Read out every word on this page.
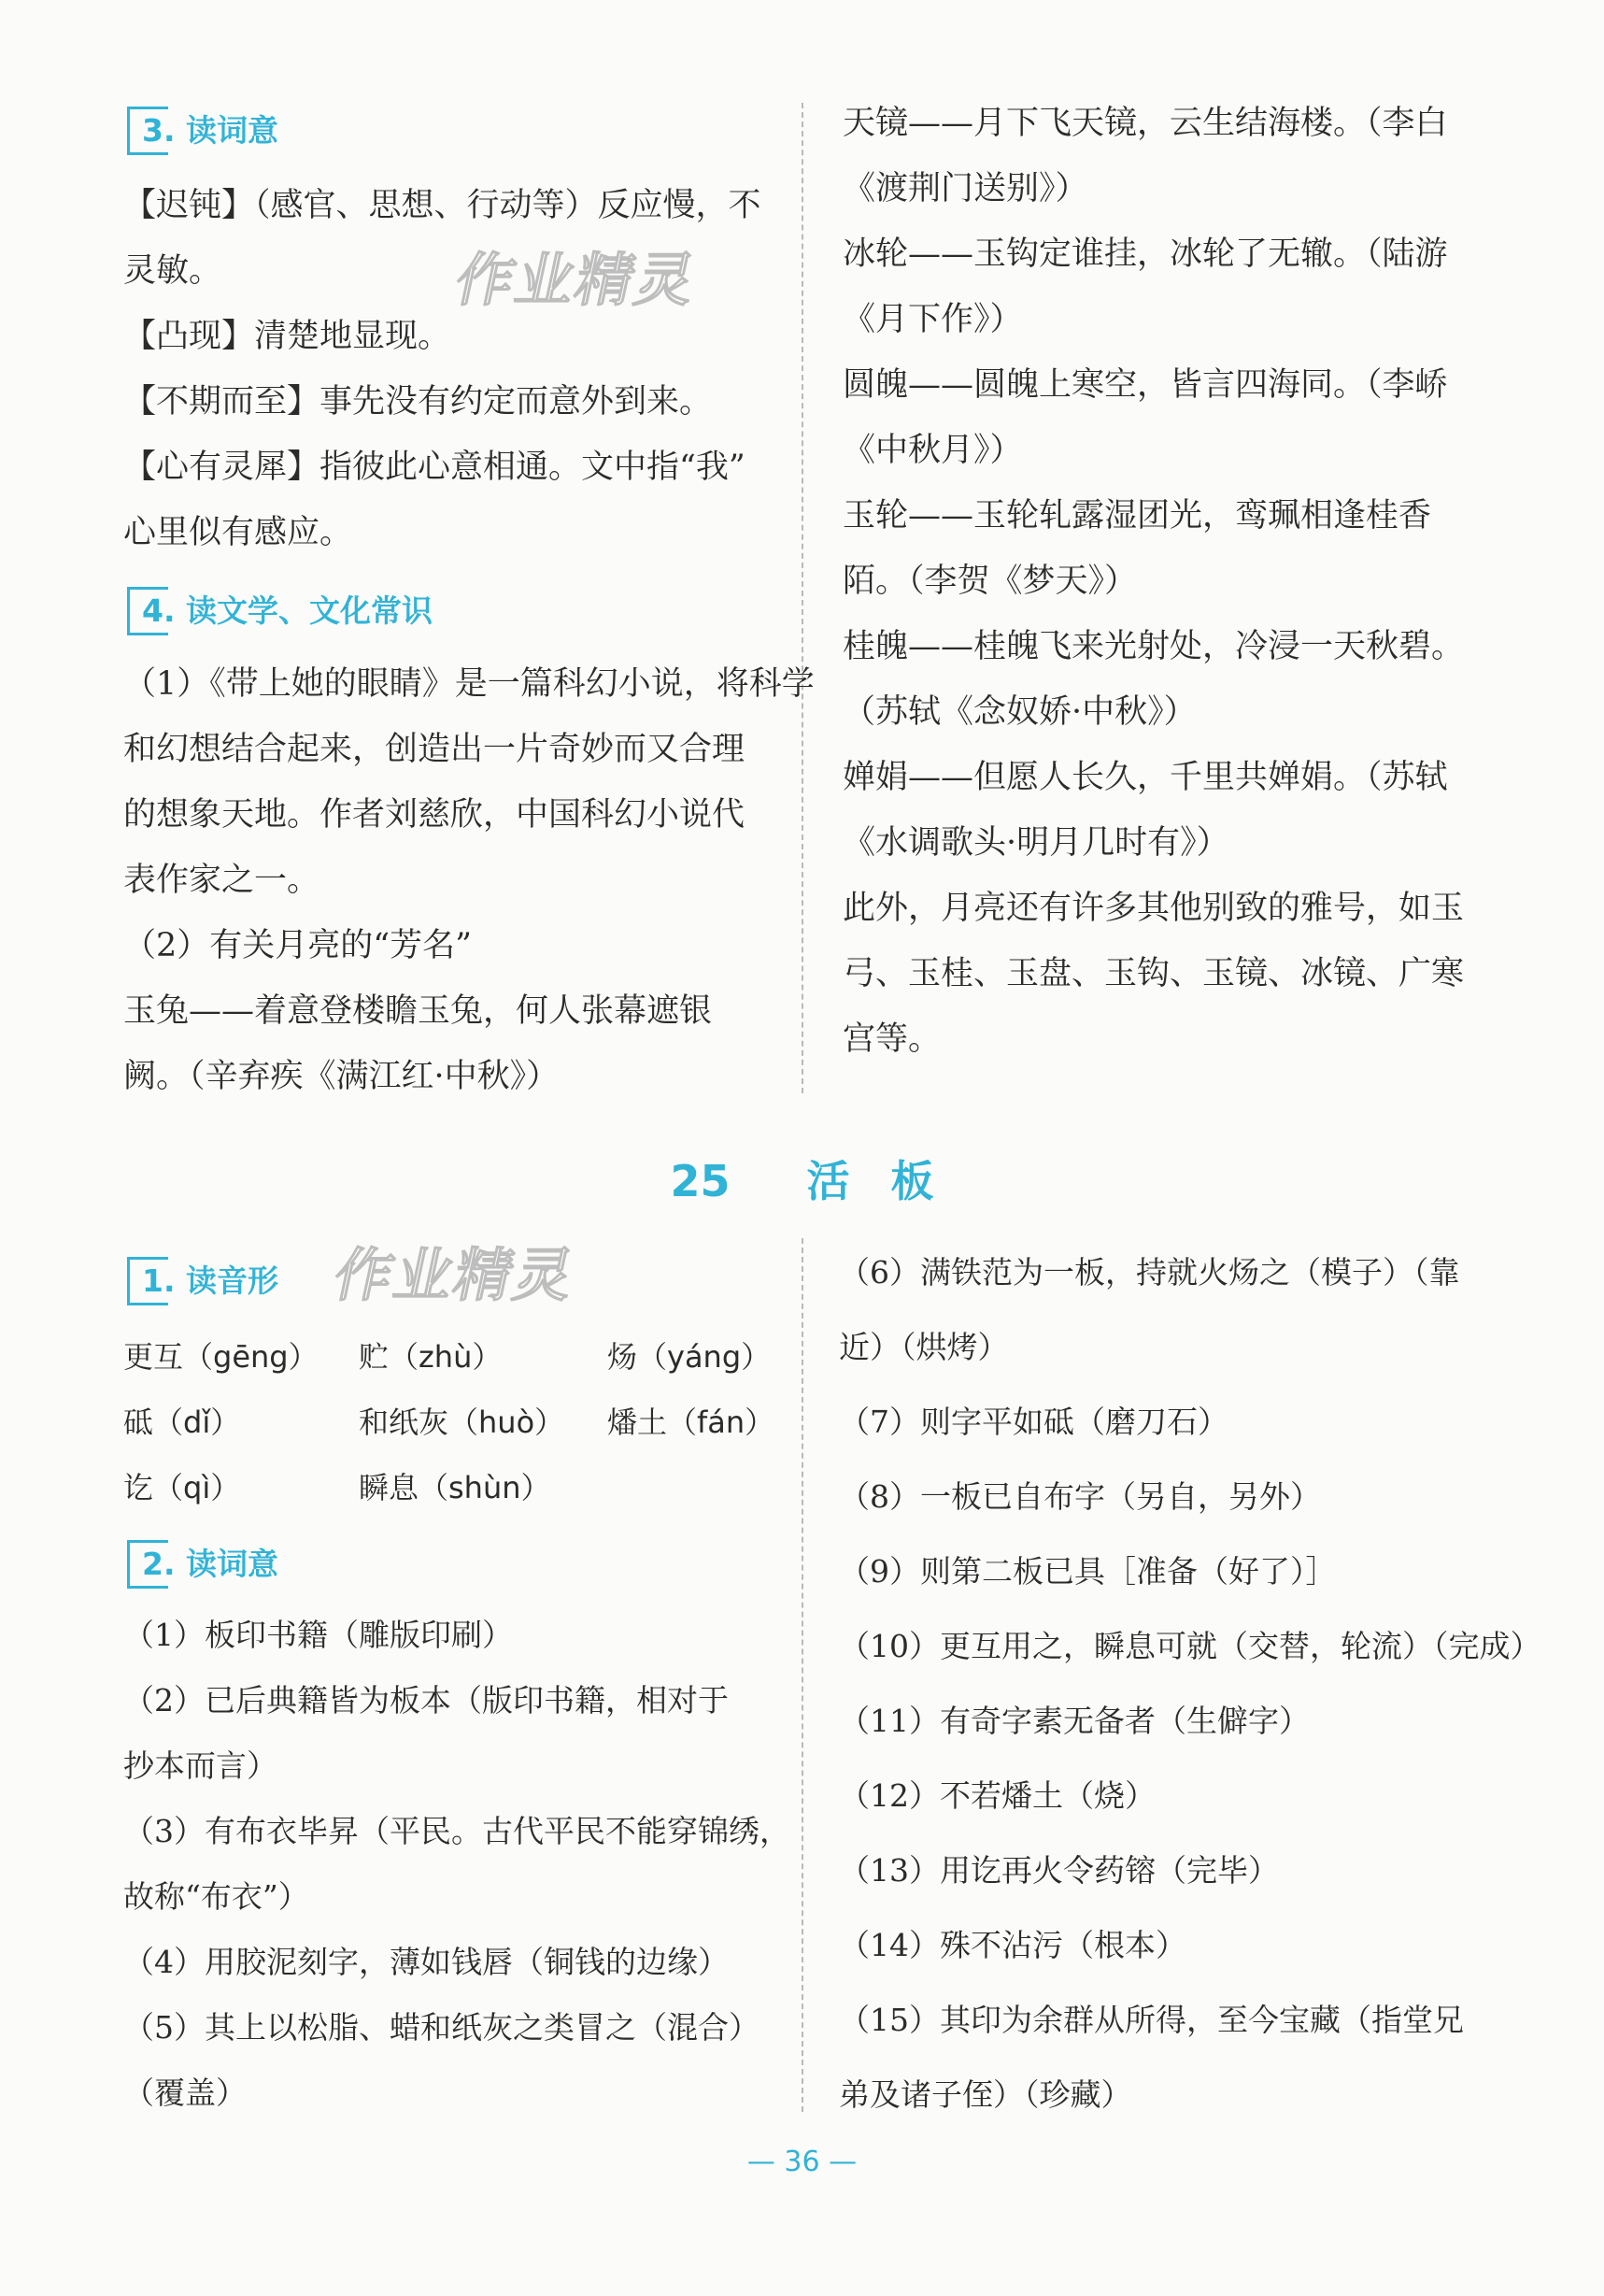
作业精灵
作业精灵
3. 读词意
【迟钝】（感官、思想、行动等）反应慢，不
灵敏。
【凸现】清楚地显现。
【不期而至】事先没有约定而意外到来。
【心有灵犀】指彼此心意相通。文中指“我”
心里似有感应。
4. 读文学、文化常识
（1）《带上她的眼睛》是一篇科幻小说，将科学
和幻想结合起来，创造出一片奇妙而又合理
的想象天地。作者刘慈欣，中国科幻小说代
表作家之一。
（2）有关月亮的“芳名”
玉兔——着意登楼瞻玉兔，何人张幕遮银
阙。（辛弃疾《满江红·中秋》）
天镜——月下飞天镜，云生结海楼。（李白
《渡荆门送别》）
冰轮——玉钩定谁挂，冰轮了无辙。（陆游
《月下作》）
圆魄——圆魄上寒空，皆言四海同。（李峤
《中秋月》）
玉轮——玉轮轧露湿团光，鸾珮相逢桂香
陌。（李贺《梦天》）
桂魄——桂魄飞来光射处，冷浸一天秋碧。
（苏轼《念奴娇·中秋》）
婵娟——但愿人长久，千里共婵娟。（苏轼
《水调歌头·明月几时有》）
此外，月亮还有许多其他别致的雅号，如玉
弓、玉桂、玉盘、玉钩、玉镜、冰镜、广寒
宫等。
25 活 板
1. 读音形
更互（gēng） 贮（zhù）	炀（yáng）
砥（dǐ）	和纸灰（huò） 燔土（fán）
讫（qì）	瞬息（shùn）
2. 读词意
（1）板印书籍（雕版印刷）
（2）已后典籍皆为板本（版印书籍，相对于
抄本而言）
（3）有布衣毕昇（平民。古代平民不能穿锦绣，
故称“布衣”）
（4）用胶泥刻字，薄如钱唇（铜钱的边缘）
（5）其上以松脂、蜡和纸灰之类冒之（混合）
（覆盖）
（6）满铁范为一板，持就火炀之（模子）（靠
近）（烘烤）
（7）则字平如砥（磨刀石）
（8）一板已自布字（另自，另外）
（9）则第二板已具［准备（好了）］
（10）更互用之，瞬息可就（交替，轮流）（完成）
（11）有奇字素无备者（生僻字）
（12）不若燔土（烧）
（13）用讫再火令药镕（完毕）
（14）殊不沾污（根本）
（15）其印为余群从所得，至今宝藏（指堂兄
弟及诸子侄）（珍藏）
— 36 —
